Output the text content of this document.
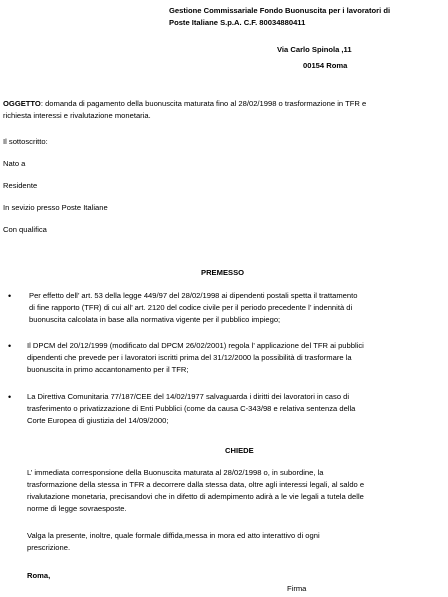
Gestione Commissariale Fondo Buonuscita per i lavoratori di
Poste Italiane S.p.A. C.F. 80034880411
Via Carlo Spinola ,11
00154 Roma
OGGETTO: domanda di pagamento della buonuscita maturata fino al 28/02/1998 o trasformazione in TFR e
richiesta interessi e rivalutazione monetaria.
Il sottoscritto:
Nato a
Residente
In sevizio presso Poste Italiane
Con qualifica
PREMESSO
• Per effetto dell’ art. 53 della legge 449/97 del 28/02/1998 ai dipendenti postali spetta il trattamento
di fine rapporto (TFR) di cui all’ art. 2120 del codice civile per il periodo precedente l’ indennità di
buonuscita calcolata in base alla normativa vigente per il pubblico impiego;
• Il DPCM del 20/12/1999 (modificato dal DPCM 26/02/2001) regola l’ applicazione del TFR ai pubblici
dipendenti che prevede per i lavoratori iscritti prima del 31/12/2000 la possibilità di trasformare la
buonuscita in primo accantonamento per il TFR;
• La Direttiva Comunitaria 77/187/CEE del 14/02/1977 salvaguarda i diritti dei lavoratori in caso di
trasferimento o privatizzazione di Enti Pubblici (come da causa C-343/98 e relativa sentenza della
Corte Europea di giustizia del 14/09/2000;
CHIEDE
L’ immediata corresponsione della Buonuscita maturata al 28/02/1998 o, in subordine, la
trasformazione della stessa in TFR a decorrere dalla stessa data, oltre agli interessi legali, al saldo e
rivalutazione monetaria, precisandovi che in difetto di adempimento adirà a le vie legali a tutela delle
norme di legge sovraesposte.
Valga la presente, inoltre, quale formale diffida,messa in mora ed atto interattivo di ogni
prescrizione.
Roma,
Firma
